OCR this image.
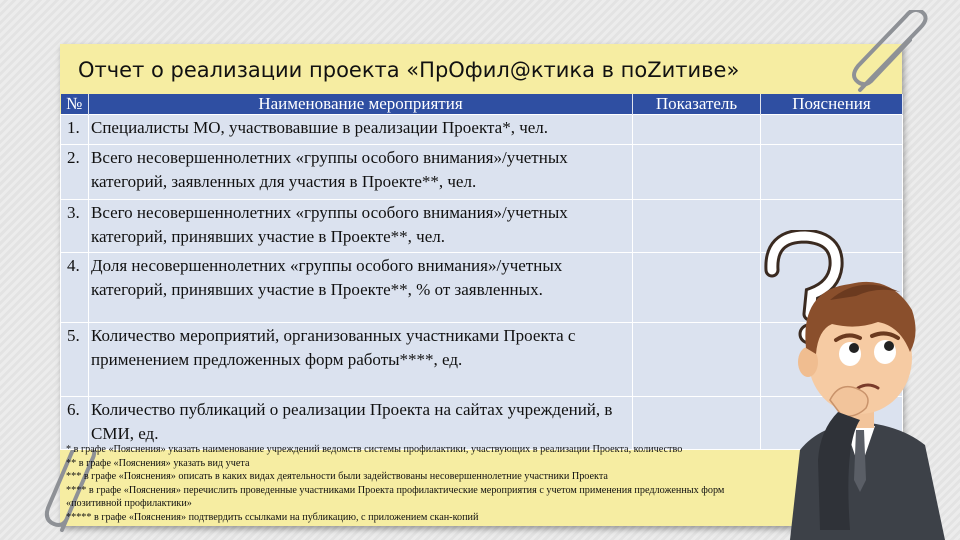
Отчет о реализации проекта «ПрОфил@ктика в поZитиве»
№	Наименование мероприятия	Показатель	Пояснения
1.	Специалисты МО, участвовавшие в реализации Проекта*, чел.		
2.	Всего несовершеннолетних «группы особого внимания»/учетных категорий, заявленных для участия в Проекте**, чел.		
3.	Всего несовершеннолетних «группы особого внимания»/учетных категорий, принявших участие в Проекте**, чел.		
4.	Доля несовершеннолетних «группы особого внимания»/учетных категорий, принявших участие в Проекте**, % от заявленных.		
5.	Количество мероприятий, организованных участниками Проекта с применением предложенных форм работы****, ед.		
6.	Количество публикаций о реализации Проекта на сайтах учреждений, в СМИ, ед.		
* в графе «Пояснения» указать наименование учреждений ведомств системы профилактики, участвующих в реализации Проекта, количество
** в графе «Пояснения» указать вид учета
*** в графе «Пояснения» описать в каких видах деятельности были задействованы несовершеннолетние участники Проекта
**** в графе «Пояснения» перечислить проведенные участниками Проекта профилактические мероприятия с учетом применения предложенных форм
«позитивной профилактики»
***** в графе «Пояснения» подтвердить ссылками на публикацию, с приложением скан-копий
